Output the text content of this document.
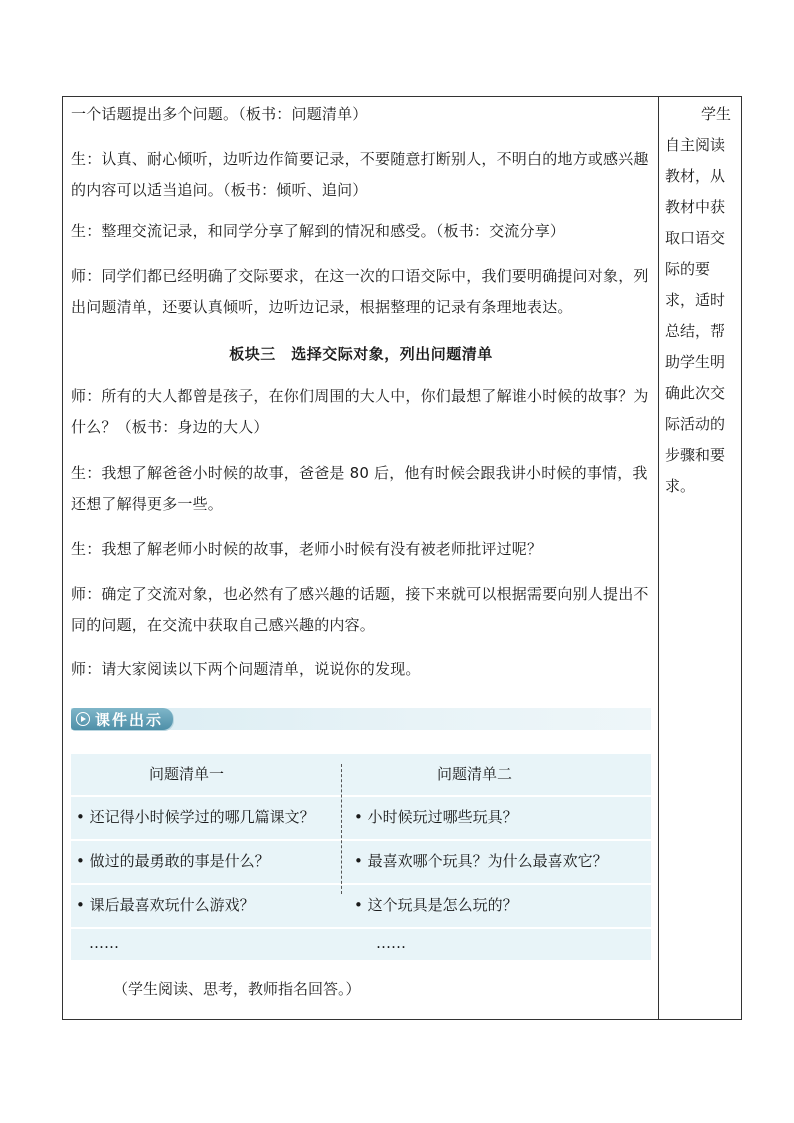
一个话题提出多个问题。（板书：问题清单）

生：认真、耐心倾听，边听边作简要记录，不要随意打断别人，不明白的地方或感兴趣的内容可以适当追问。（板书：倾听、追问）

生：整理交流记录，和同学分享了解到的情况和感受。（板书：交流分享）

师：同学们都已经明确了交际要求，在这一次的口语交际中，我们要明确提问对象，列出问题清单，还要认真倾听，边听边记录，根据整理的记录有条理地表达。

板块三　选择交际对象，列出问题清单

师：所有的大人都曾是孩子，在你们周围的大人中，你们最想了解谁小时候的故事？为什么？（板书：身边的大人）

生：我想了解爸爸小时候的故事，爸爸是 80 后，他有时候会跟我讲小时候的事情，我还想了解得更多一些。

生：我想了解老师小时候的故事，老师小时候有没有被老师批评过呢？

师：确定了交流对象，也必然有了感兴趣的话题，接下来就可以根据需要向别人提出不同的问题，在交流中获取自己感兴趣的内容。

师：请大家阅读以下两个问题清单，说说你的发现。

课件出示
问题清单一	问题清单二
• 还记得小时候学过的哪几篇课文？
• 做过的最勇敢的事是什么？
• 课后最喜欢玩什么游戏？
……
• 小时候玩过哪些玩具？
• 最喜欢哪个玩具？为什么最喜欢它？
• 这个玩具是怎么玩的？
……
（学生阅读、思考，教师指名回答。）
学生
自主阅读
教材，从
教材中获
取口语交
际的要
求，适时
总结，帮
助学生明
确此次交
际活动的
步骤和要
求。
